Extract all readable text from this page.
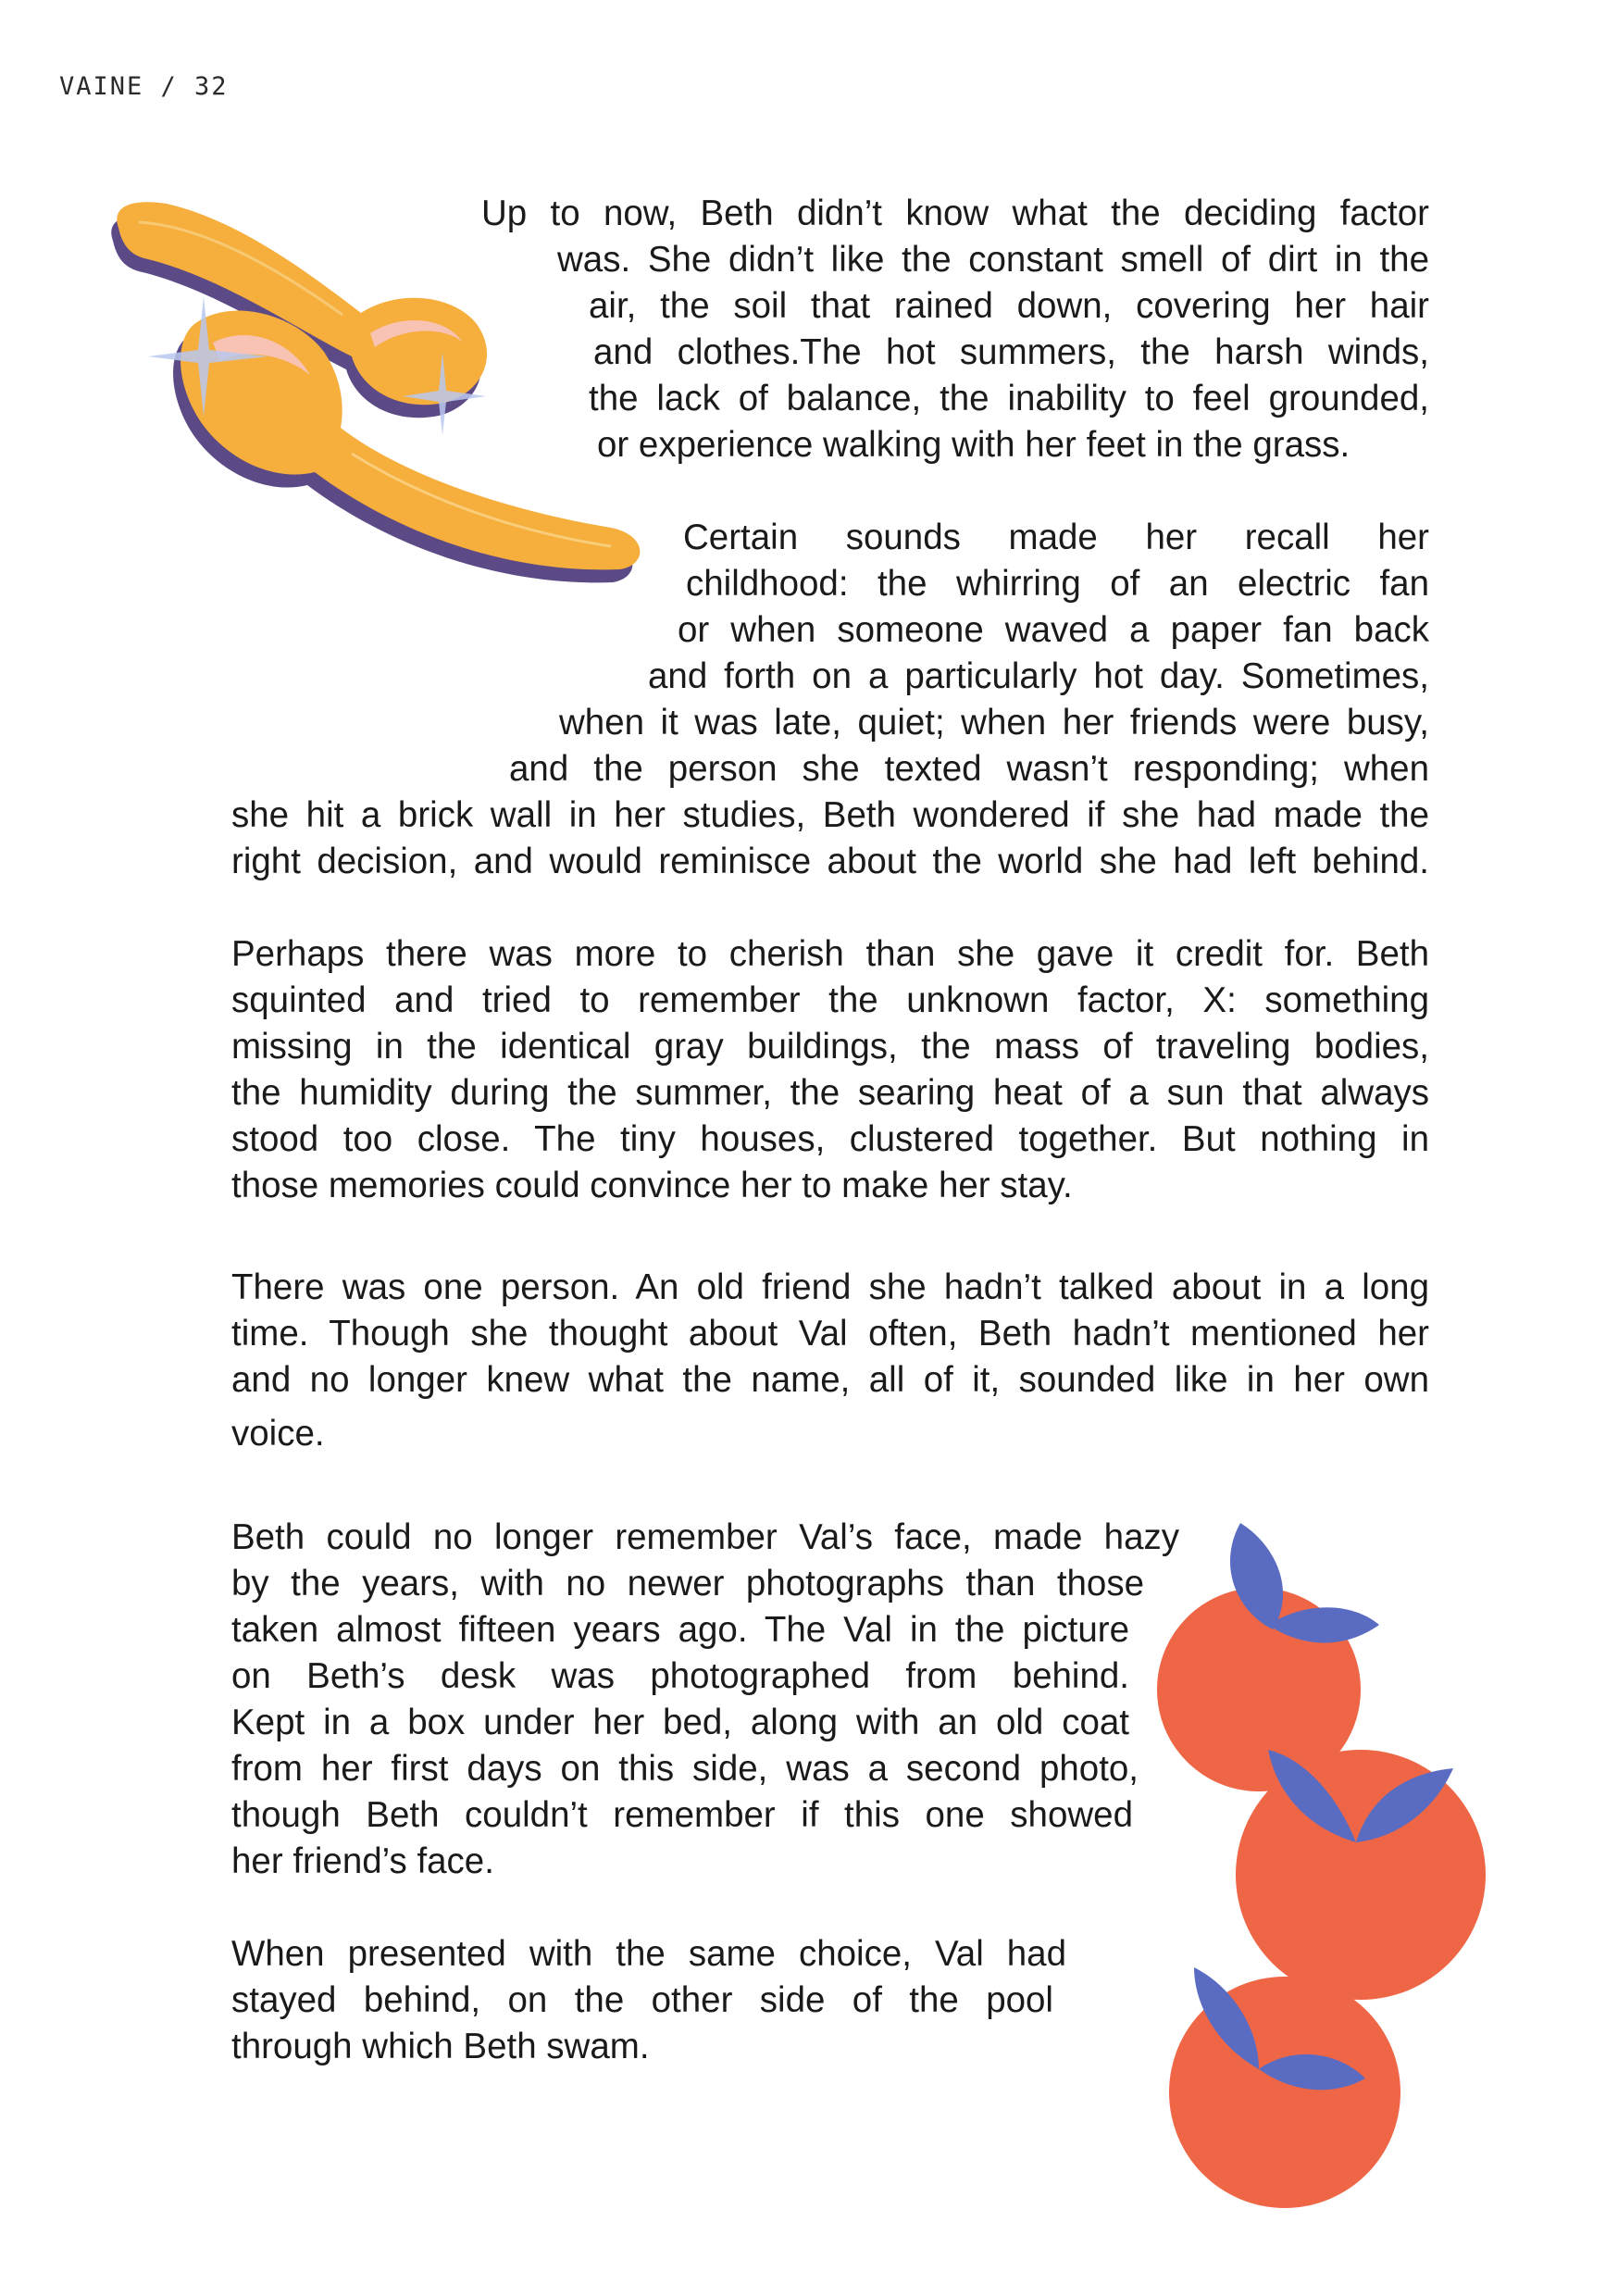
VAINE / 32
Up to now, Beth didn’t know what the deciding factor
was. She didn’t like the constant smell of dirt in the
air, the soil that rained down, covering her hair
and clothes.The hot summers, the harsh winds,
the lack of balance, the inability to feel grounded,
or experience walking with her feet in the grass.
Certain sounds made her recall her
childhood: the whirring of an electric fan
or when someone waved a paper fan back
and forth on a particularly hot day. Sometimes,
when it was late, quiet; when her friends were busy,
and the person she texted wasn’t responding; when
she hit a brick wall in her studies, Beth wondered if she had made the
right decision, and would reminisce about the world she had left behind.
Perhaps there was more to cherish than she gave it credit for. Beth
squinted and tried to remember the unknown factor, X: something
missing in the identical gray buildings, the mass of traveling bodies,
the humidity during the summer, the searing heat of a sun that always
stood too close. The tiny houses, clustered together. But nothing in
those memories could convince her to make her stay.
There was one person. An old friend she hadn’t talked about in a long
time. Though she thought about Val often, Beth hadn’t mentioned her
and no longer knew what the name, all of it, sounded like in her own
voice.
Beth could no longer remember Val’s face, made hazy
by the years, with no newer photographs than those
taken almost fifteen years ago. The Val in the picture
on Beth’s desk was photographed from behind.
Kept in a box under her bed, along with an old coat
from her first days on this side, was a second photo,
though Beth couldn’t remember if this one showed
her friend’s face.
When presented with the same choice, Val had
stayed behind, on the other side of the pool
through which Beth swam.
